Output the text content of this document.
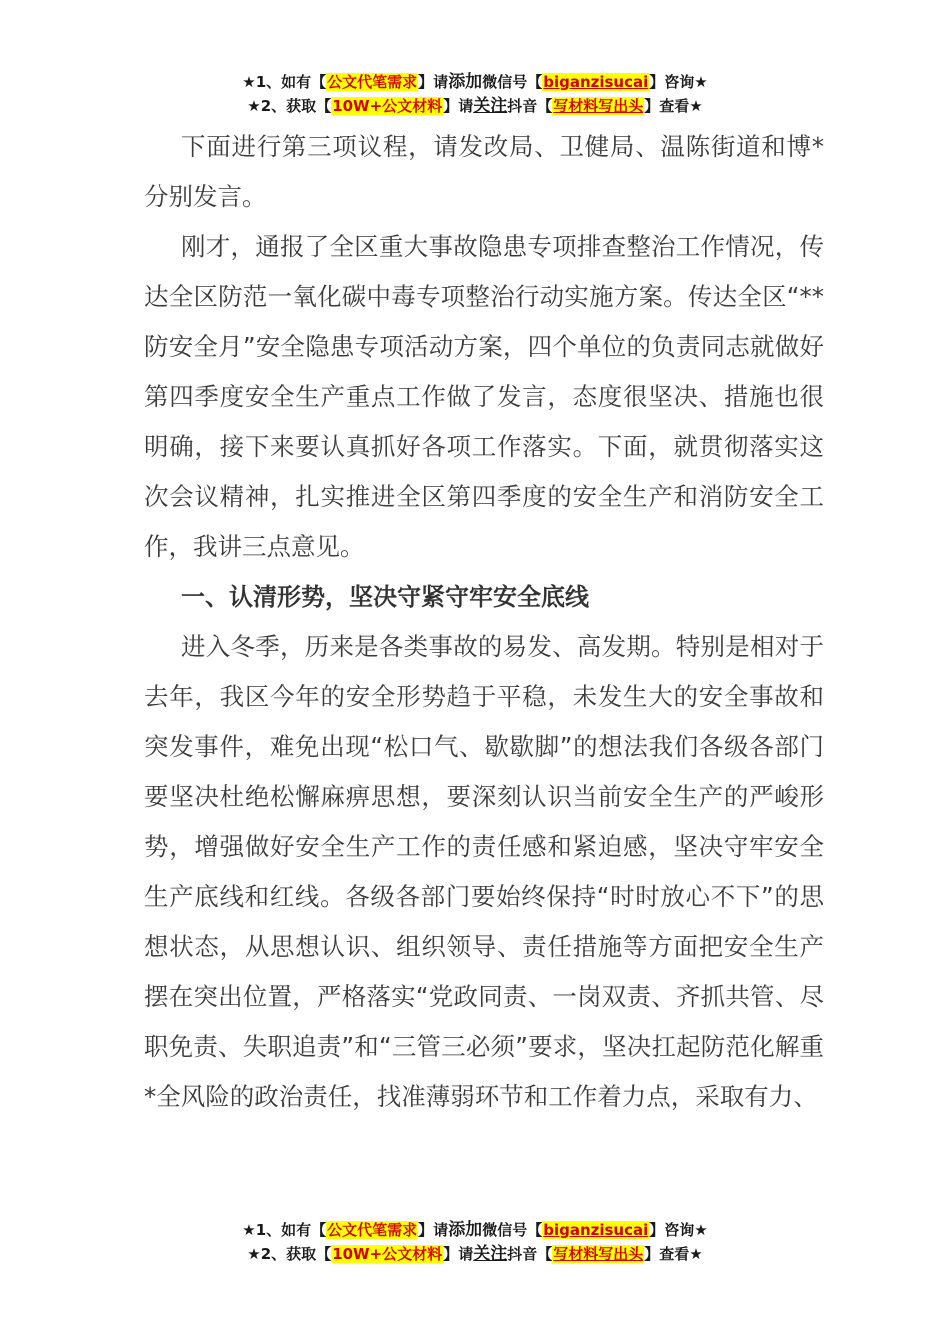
★1、如有【公文代笔需求】请添加微信号【biganzisucai】咨询★
★2、获取【10W+公文材料】请关注抖音【写材料写出头】查看★

下面进行第三项议程，请发改局、卫健局、温陈街道和博*分别发言。

刚才，通报了全区重大事故隐患专项排查整治工作情况，传达全区防范一氧化碳中毒专项整治行动实施方案。传达全区“**防安全月”安全隐患专项活动方案，四个单位的负责同志就做好第四季度安全生产重点工作做了发言，态度很坚决、措施也很明确，接下来要认真抓好各项工作落实。下面，就贯彻落实这次会议精神，扎实推进全区第四季度的安全生产和消防安全工作，我讲三点意见。

一、认清形势，坚决守紧守牢安全底线

进入冬季，历来是各类事故的易发、高发期。特别是相对于去年，我区今年的安全形势趋于平稳，未发生大的安全事故和突发事件，难免出现“松口气、歇歇脚”的想法我们各级各部门要坚决杜绝松懈麻痹思想，要深刻认识当前安全生产的严峻形势，增强做好安全生产工作的责任感和紧迫感，坚决守牢安全生产底线和红线。各级各部门要始终保持“时时放心不下”的思想状态，从思想认识、组织领导、责任措施等方面把安全生产摆在突出位置，严格落实“党政同责、一岗双责、齐抓共管、尽职免责、失职追责”和“三管三必须”要求，坚决扛起防范化解重*全风险的政治责任，找准薄弱环节和工作着力点，采取有力、

★1、如有【公文代笔需求】请添加微信号【biganzisucai】咨询★
★2、获取【10W+公文材料】请关注抖音【写材料写出头】查看★
